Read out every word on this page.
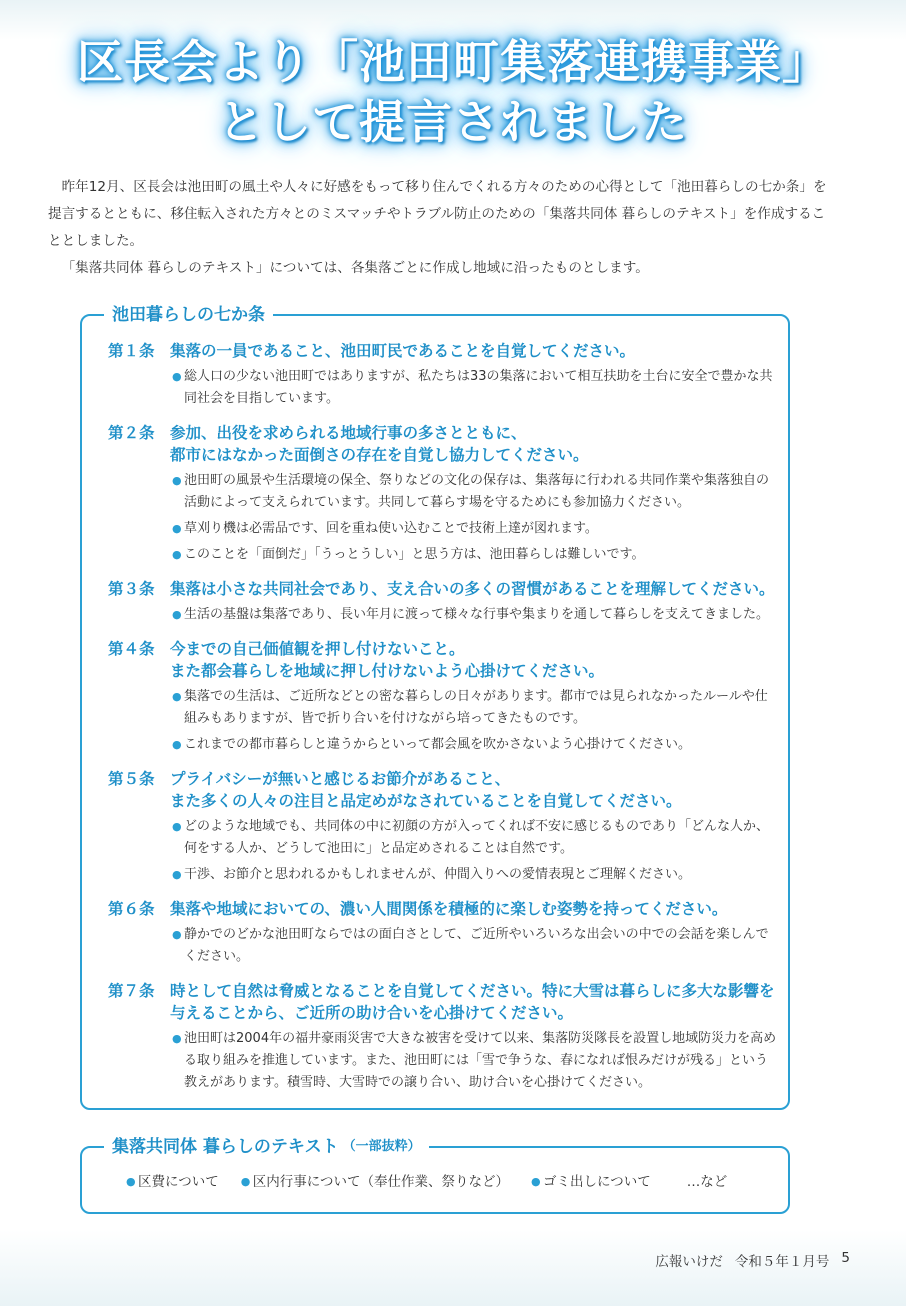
区長会より「池田町集落連携事業」
として提言されました

昨年12月、区長会は池田町の風土や人々に好感をもって移り住んでくれる方々のための心得として「池田暮らしの七か条」を提言するとともに、移住転入された方々とのミスマッチやトラブル防止のための「集落共同体 暮らしのテキスト」を作成することとしました。

「集落共同体 暮らしのテキスト」については、各集落ごとに作成し地域に沿ったものとします。

池田暮らしの七か条
第１条 集落の一員であること、池田町民であることを自覚してください。
● 総人口の少ない池田町ではありますが、私たちは33の集落において相互扶助を土台に安全で豊かな共同社会を目指しています。
第２条 参加、出役を求められる地域行事の多さとともに、
都市にはなかった面倒さの存在を自覚し協力してください。
● 池田町の風景や生活環境の保全、祭りなどの文化の保存は、集落毎に行われる共同作業や集落独自の活動によって支えられています。共同して暮らす場を守るためにも参加協力ください。
● 草刈り機は必需品です、回を重ね使い込むことで技術上達が図れます。
● このことを「面倒だ」「うっとうしい」と思う方は、池田暮らしは難しいです。
第３条 集落は小さな共同社会であり、支え合いの多くの習慣があることを理解してください。
● 生活の基盤は集落であり、長い年月に渡って様々な行事や集まりを通して暮らしを支えてきました。
第４条 今までの自己価値観を押し付けないこと。
また都会暮らしを地域に押し付けないよう心掛けてください。
● 集落での生活は、ご近所などとの密な暮らしの日々があります。都市では見られなかったルールや仕組みもありますが、皆で折り合いを付けながら培ってきたものです。
● これまでの都市暮らしと違うからといって都会風を吹かさないよう心掛けてください。
第５条 プライバシーが無いと感じるお節介があること、
また多くの人々の注目と品定めがなされていることを自覚してください。
● どのような地域でも、共同体の中に初顔の方が入ってくれば不安に感じるものであり「どんな人か、何をする人か、どうして池田に」と品定めされることは自然です。
● 干渉、お節介と思われるかもしれませんが、仲間入りへの愛情表現とご理解ください。
第６条 集落や地域においての、濃い人間関係を積極的に楽しむ姿勢を持ってください。
● 静かでのどかな池田町ならではの面白さとして、ご近所やいろいろな出会いの中での会話を楽しんでください。
第７条 時として自然は脅威となることを自覚してください。特に大雪は暮らしに多大な影響を与えることから、ご近所の助け合いを心掛けてください。
● 池田町は2004年の福井豪雨災害で大きな被害を受けて以来、集落防災隊長を設置し地域防災力を高める取り組みを推進しています。また、池田町には「雪で争うな、春になれば恨みだけが残る」という教えがあります。積雪時、大雪時での譲り合い、助け合いを心掛けてください。
集落共同体 暮らしのテキスト （一部抜粋）
● 区費について ● 区内行事について（奉仕作業、祭りなど） ● ゴミ出しについて	…など
広報いけだ 令和５年１月号 5
